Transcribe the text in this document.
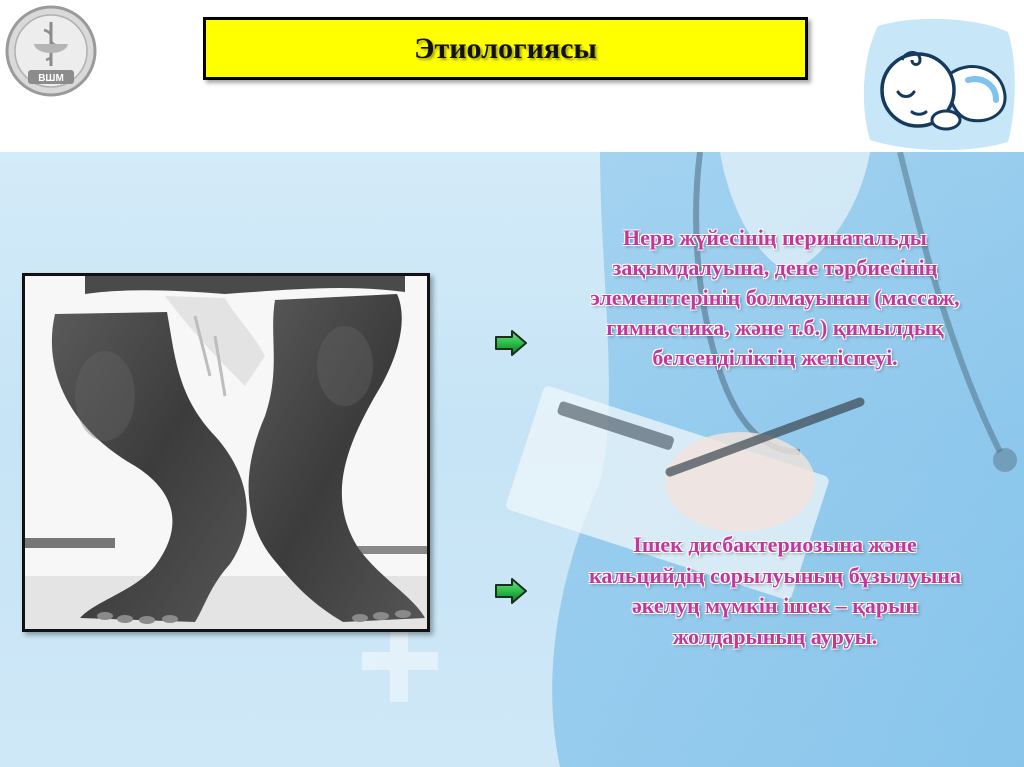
ВШМ
Этиологиясы
Нерв жүйесінің перинатальды
зақымдалуына, дене тәрбиесінің
элементтерінің болмауынан (массаж,
гимнастика, және т.б.) қимылдық
белсенділіктің жетіспеуі.
Ішек дисбактериозына және
кальцийдің сорылуының бұзылуына
әкелуң мүмкін ішек – қарын
жолдарының ауруы.
